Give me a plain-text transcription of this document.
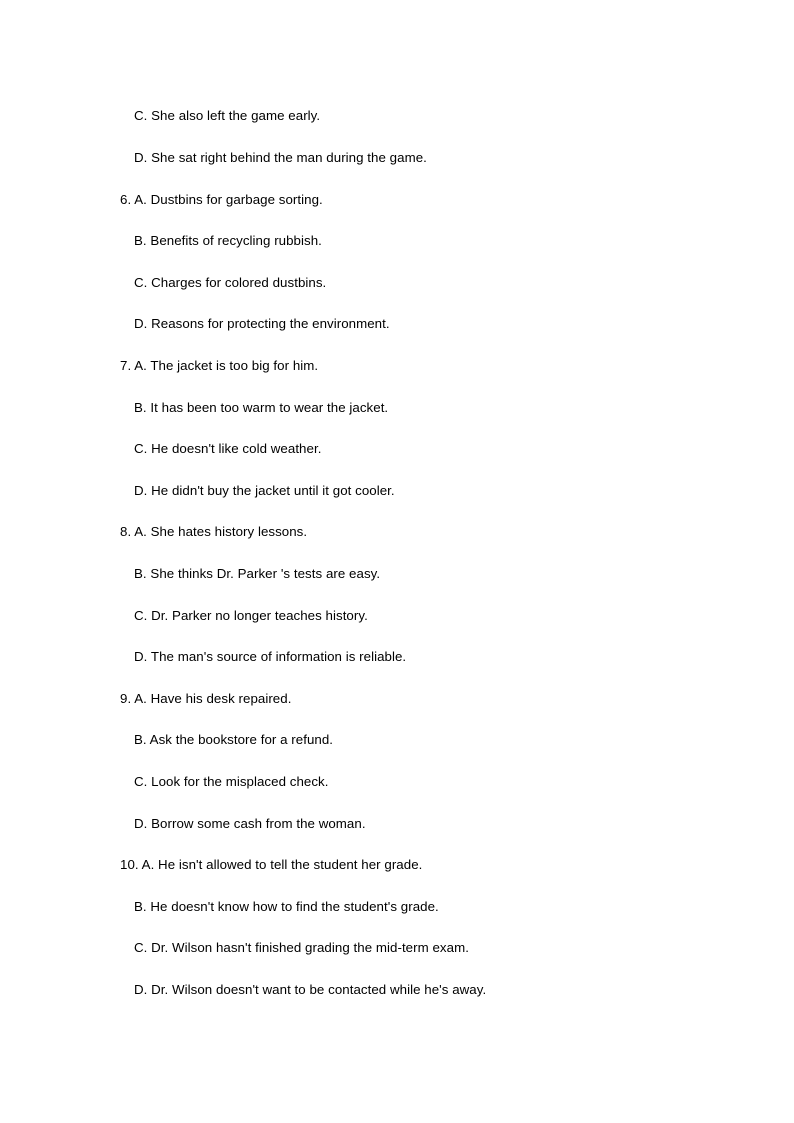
C. She also left the game early.
D. She sat right behind the man during the game.
6. A. Dustbins for garbage sorting.
B. Benefits of recycling rubbish.
C. Charges for colored dustbins.
D. Reasons for protecting the environment.
7. A. The jacket is too big for him.
B. It has been too warm to wear the jacket.
C. He doesn't like cold weather.
D. He didn't buy the jacket until it got cooler.
8. A. She hates history lessons.
B. She thinks Dr. Parker 's tests are easy.
C. Dr. Parker no longer teaches history.
D. The man's source of information is reliable.
9. A. Have his desk repaired.
B. Ask the bookstore for a refund.
C. Look for the misplaced check.
D. Borrow some cash from the woman.
10. A. He isn't allowed to tell the student her grade.
B. He doesn't know how to find the student's grade.
C. Dr. Wilson hasn't finished grading the mid-term exam.
D. Dr. Wilson doesn't want to be contacted while he's away.
